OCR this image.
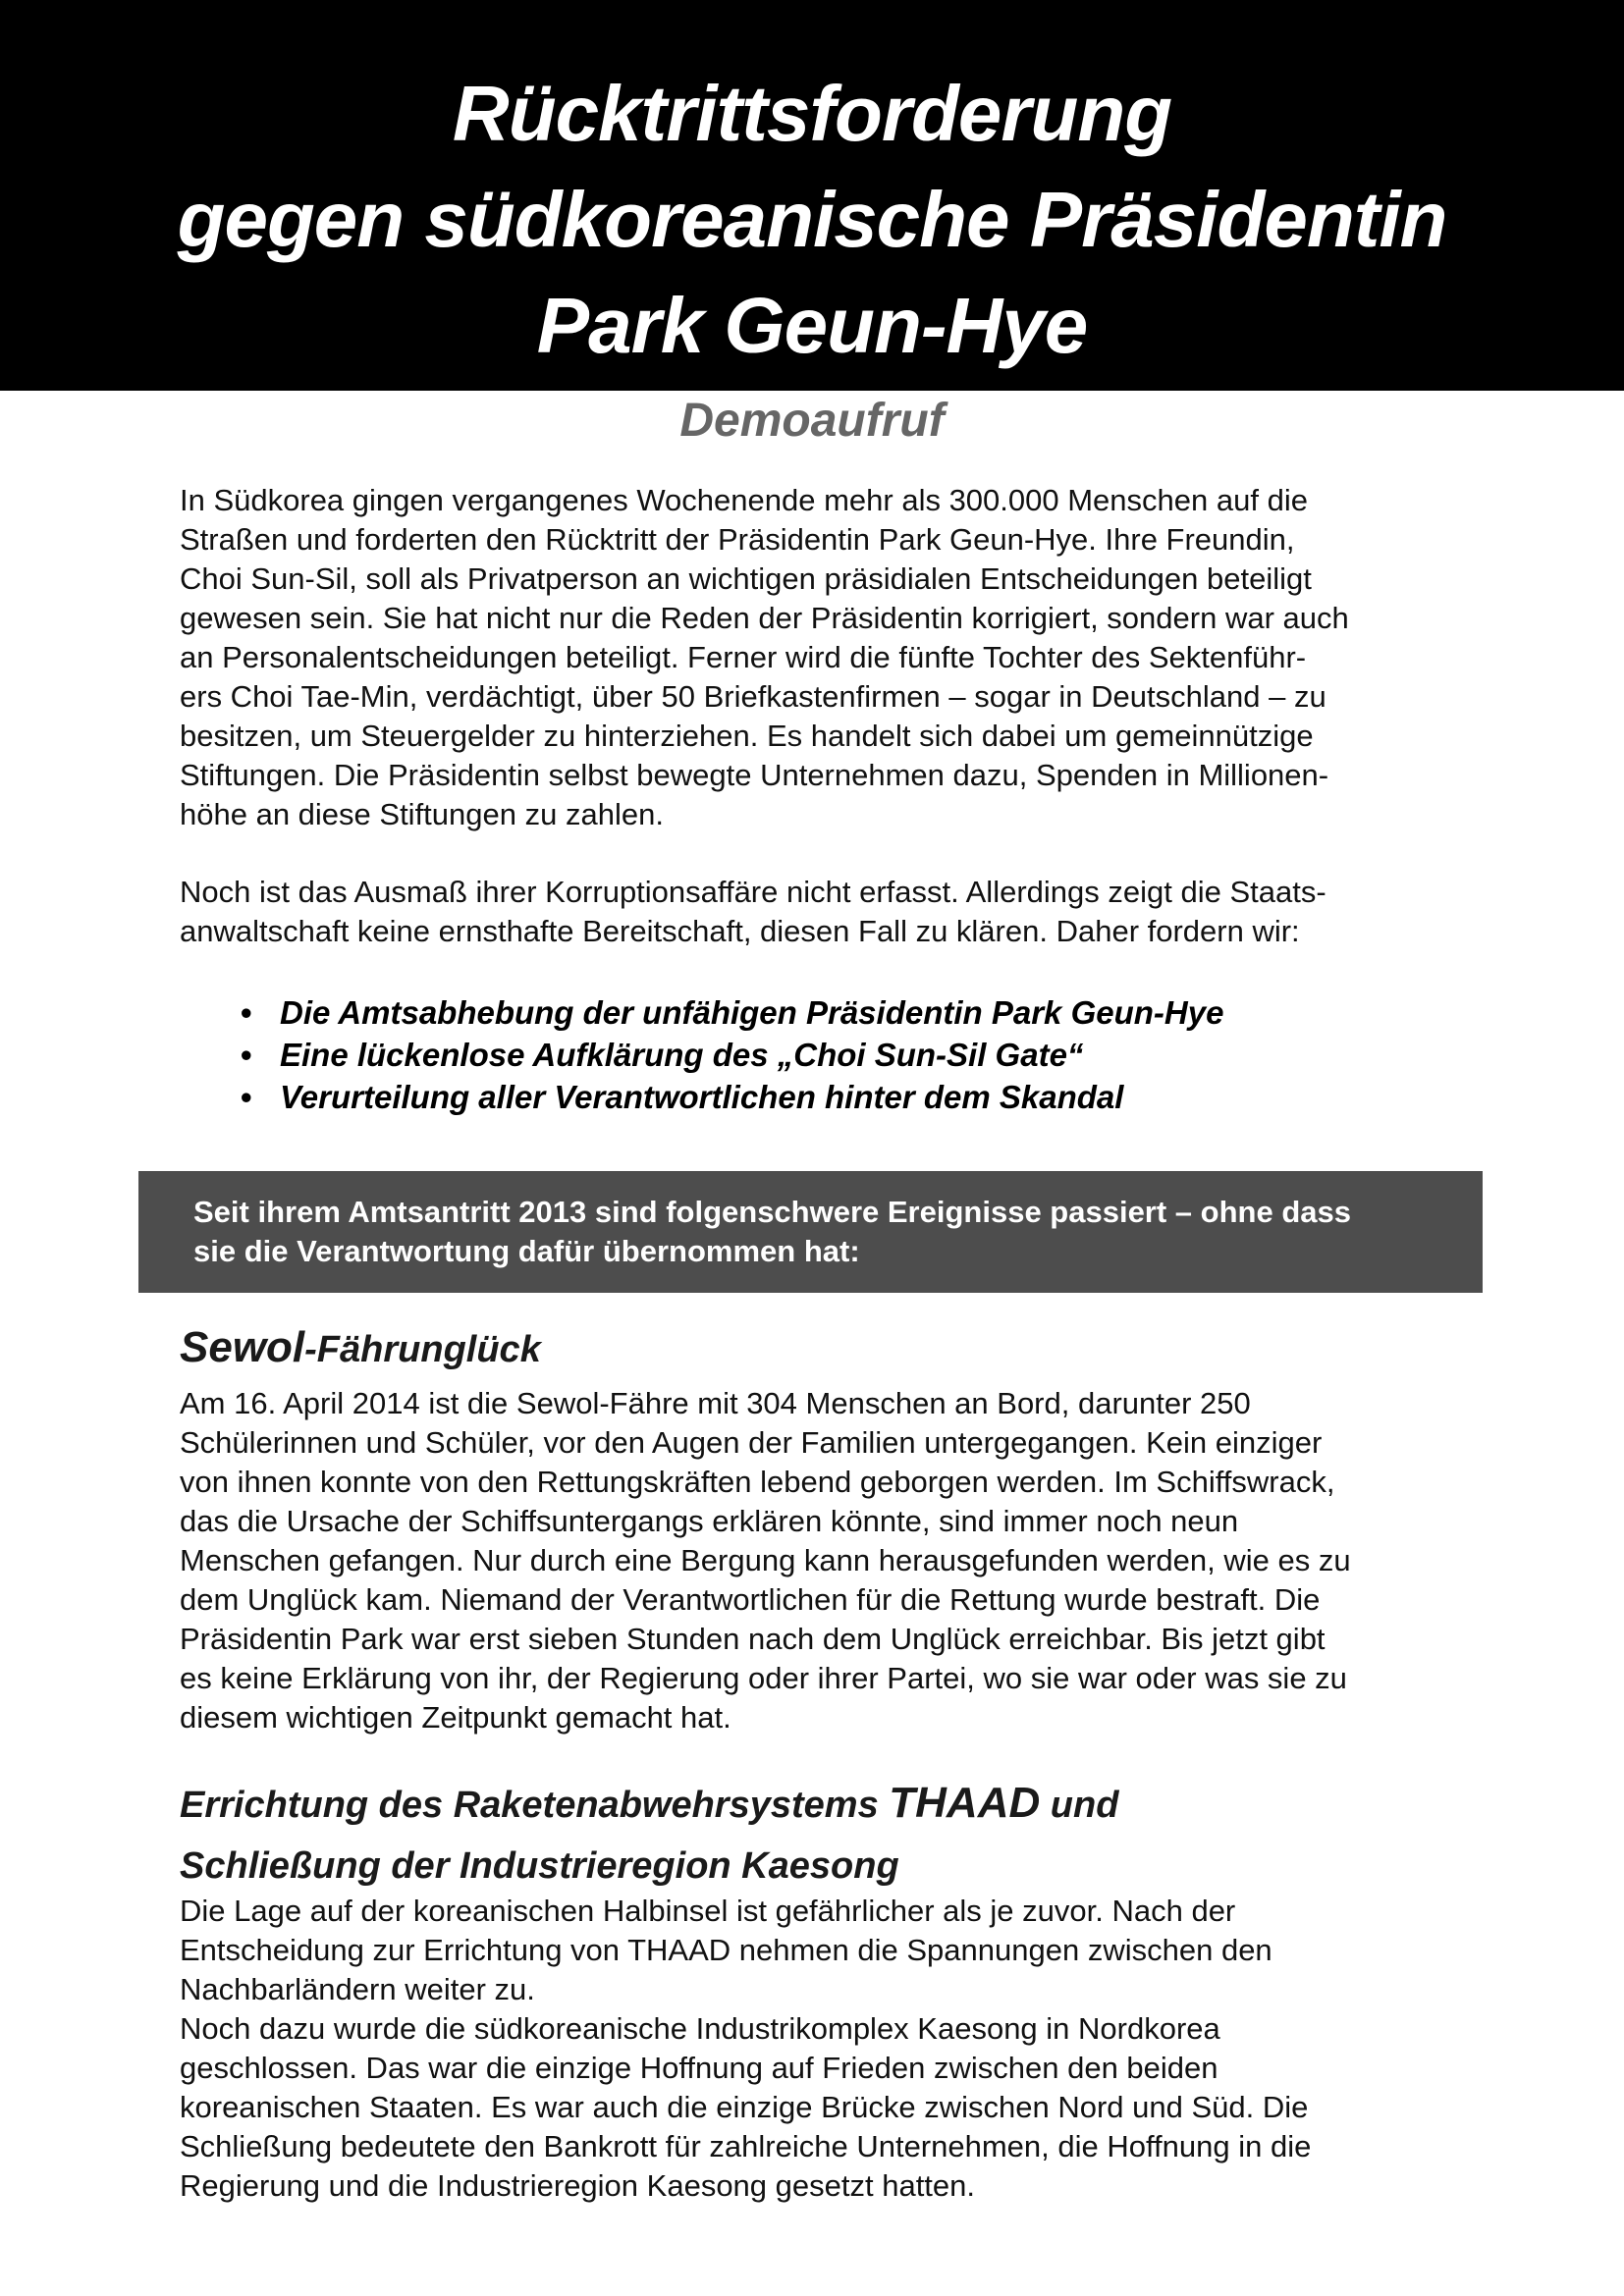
Rücktrittsforderung
gegen südkoreanische Präsidentin
Park Geun-Hye
Demoaufruf
In Südkorea gingen vergangenes Wochenende mehr als 300.000 Menschen auf die
Straßen und forderten den Rücktritt der Präsidentin Park Geun-Hye. Ihre Freundin,
Choi Sun-Sil, soll als Privatperson an wichtigen präsidialen Entscheidungen beteiligt
gewesen sein. Sie hat nicht nur die Reden der Präsidentin korrigiert, sondern war auch
an Personalentscheidungen beteiligt. Ferner wird die fünfte Tochter des Sektenführ-
ers Choi Tae-Min, verdächtigt, über 50 Briefkastenfirmen – sogar in Deutschland – zu
besitzen, um Steuergelder zu hinterziehen. Es handelt sich dabei um gemeinnützige
Stiftungen. Die Präsidentin selbst bewegte Unternehmen dazu, Spenden in Millionen-
höhe an diese Stiftungen zu zahlen.
Noch ist das Ausmaß ihrer Korruptionsaffäre nicht erfasst. Allerdings zeigt die Staats-
anwaltschaft keine ernsthafte Bereitschaft, diesen Fall zu klären. Daher fordern wir:
• Die Amtsabhebung der unfähigen Präsidentin Park Geun-Hye
• Eine lückenlose Aufklärung des „Choi Sun-Sil Gate“
• Verurteilung aller Verantwortlichen hinter dem Skandal
Seit ihrem Amtsantritt 2013 sind folgenschwere Ereignisse passiert – ohne dass
sie die Verantwortung dafür übernommen hat:
Sewol-Fährunglück
Am 16. April 2014 ist die Sewol-Fähre mit 304 Menschen an Bord, darunter 250
Schülerinnen und Schüler, vor den Augen der Familien untergegangen. Kein einziger
von ihnen konnte von den Rettungskräften lebend geborgen werden. Im Schiffswrack,
das die Ursache der Schiffsuntergangs erklären könnte, sind immer noch neun
Menschen gefangen. Nur durch eine Bergung kann herausgefunden werden, wie es zu
dem Unglück kam. Niemand der Verantwortlichen für die Rettung wurde bestraft. Die
Präsidentin Park war erst sieben Stunden nach dem Unglück erreichbar. Bis jetzt gibt
es keine Erklärung von ihr, der Regierung oder ihrer Partei, wo sie war oder was sie zu
diesem wichtigen Zeitpunkt gemacht hat.
Errichtung des Raketenabwehrsystems THAAD und
Schließung der Industrieregion Kaesong
Die Lage auf der koreanischen Halbinsel ist gefährlicher als je zuvor. Nach der
Entscheidung zur Errichtung von THAAD nehmen die Spannungen zwischen den
Nachbarländern weiter zu.
Noch dazu wurde die südkoreanische Industrikomplex Kaesong in Nordkorea
geschlossen. Das war die einzige Hoffnung auf Frieden zwischen den beiden
koreanischen Staaten. Es war auch die einzige Brücke zwischen Nord und Süd. Die
Schließung bedeutete den Bankrott für zahlreiche Unternehmen, die Hoffnung in die
Regierung und die Industrieregion Kaesong gesetzt hatten.
